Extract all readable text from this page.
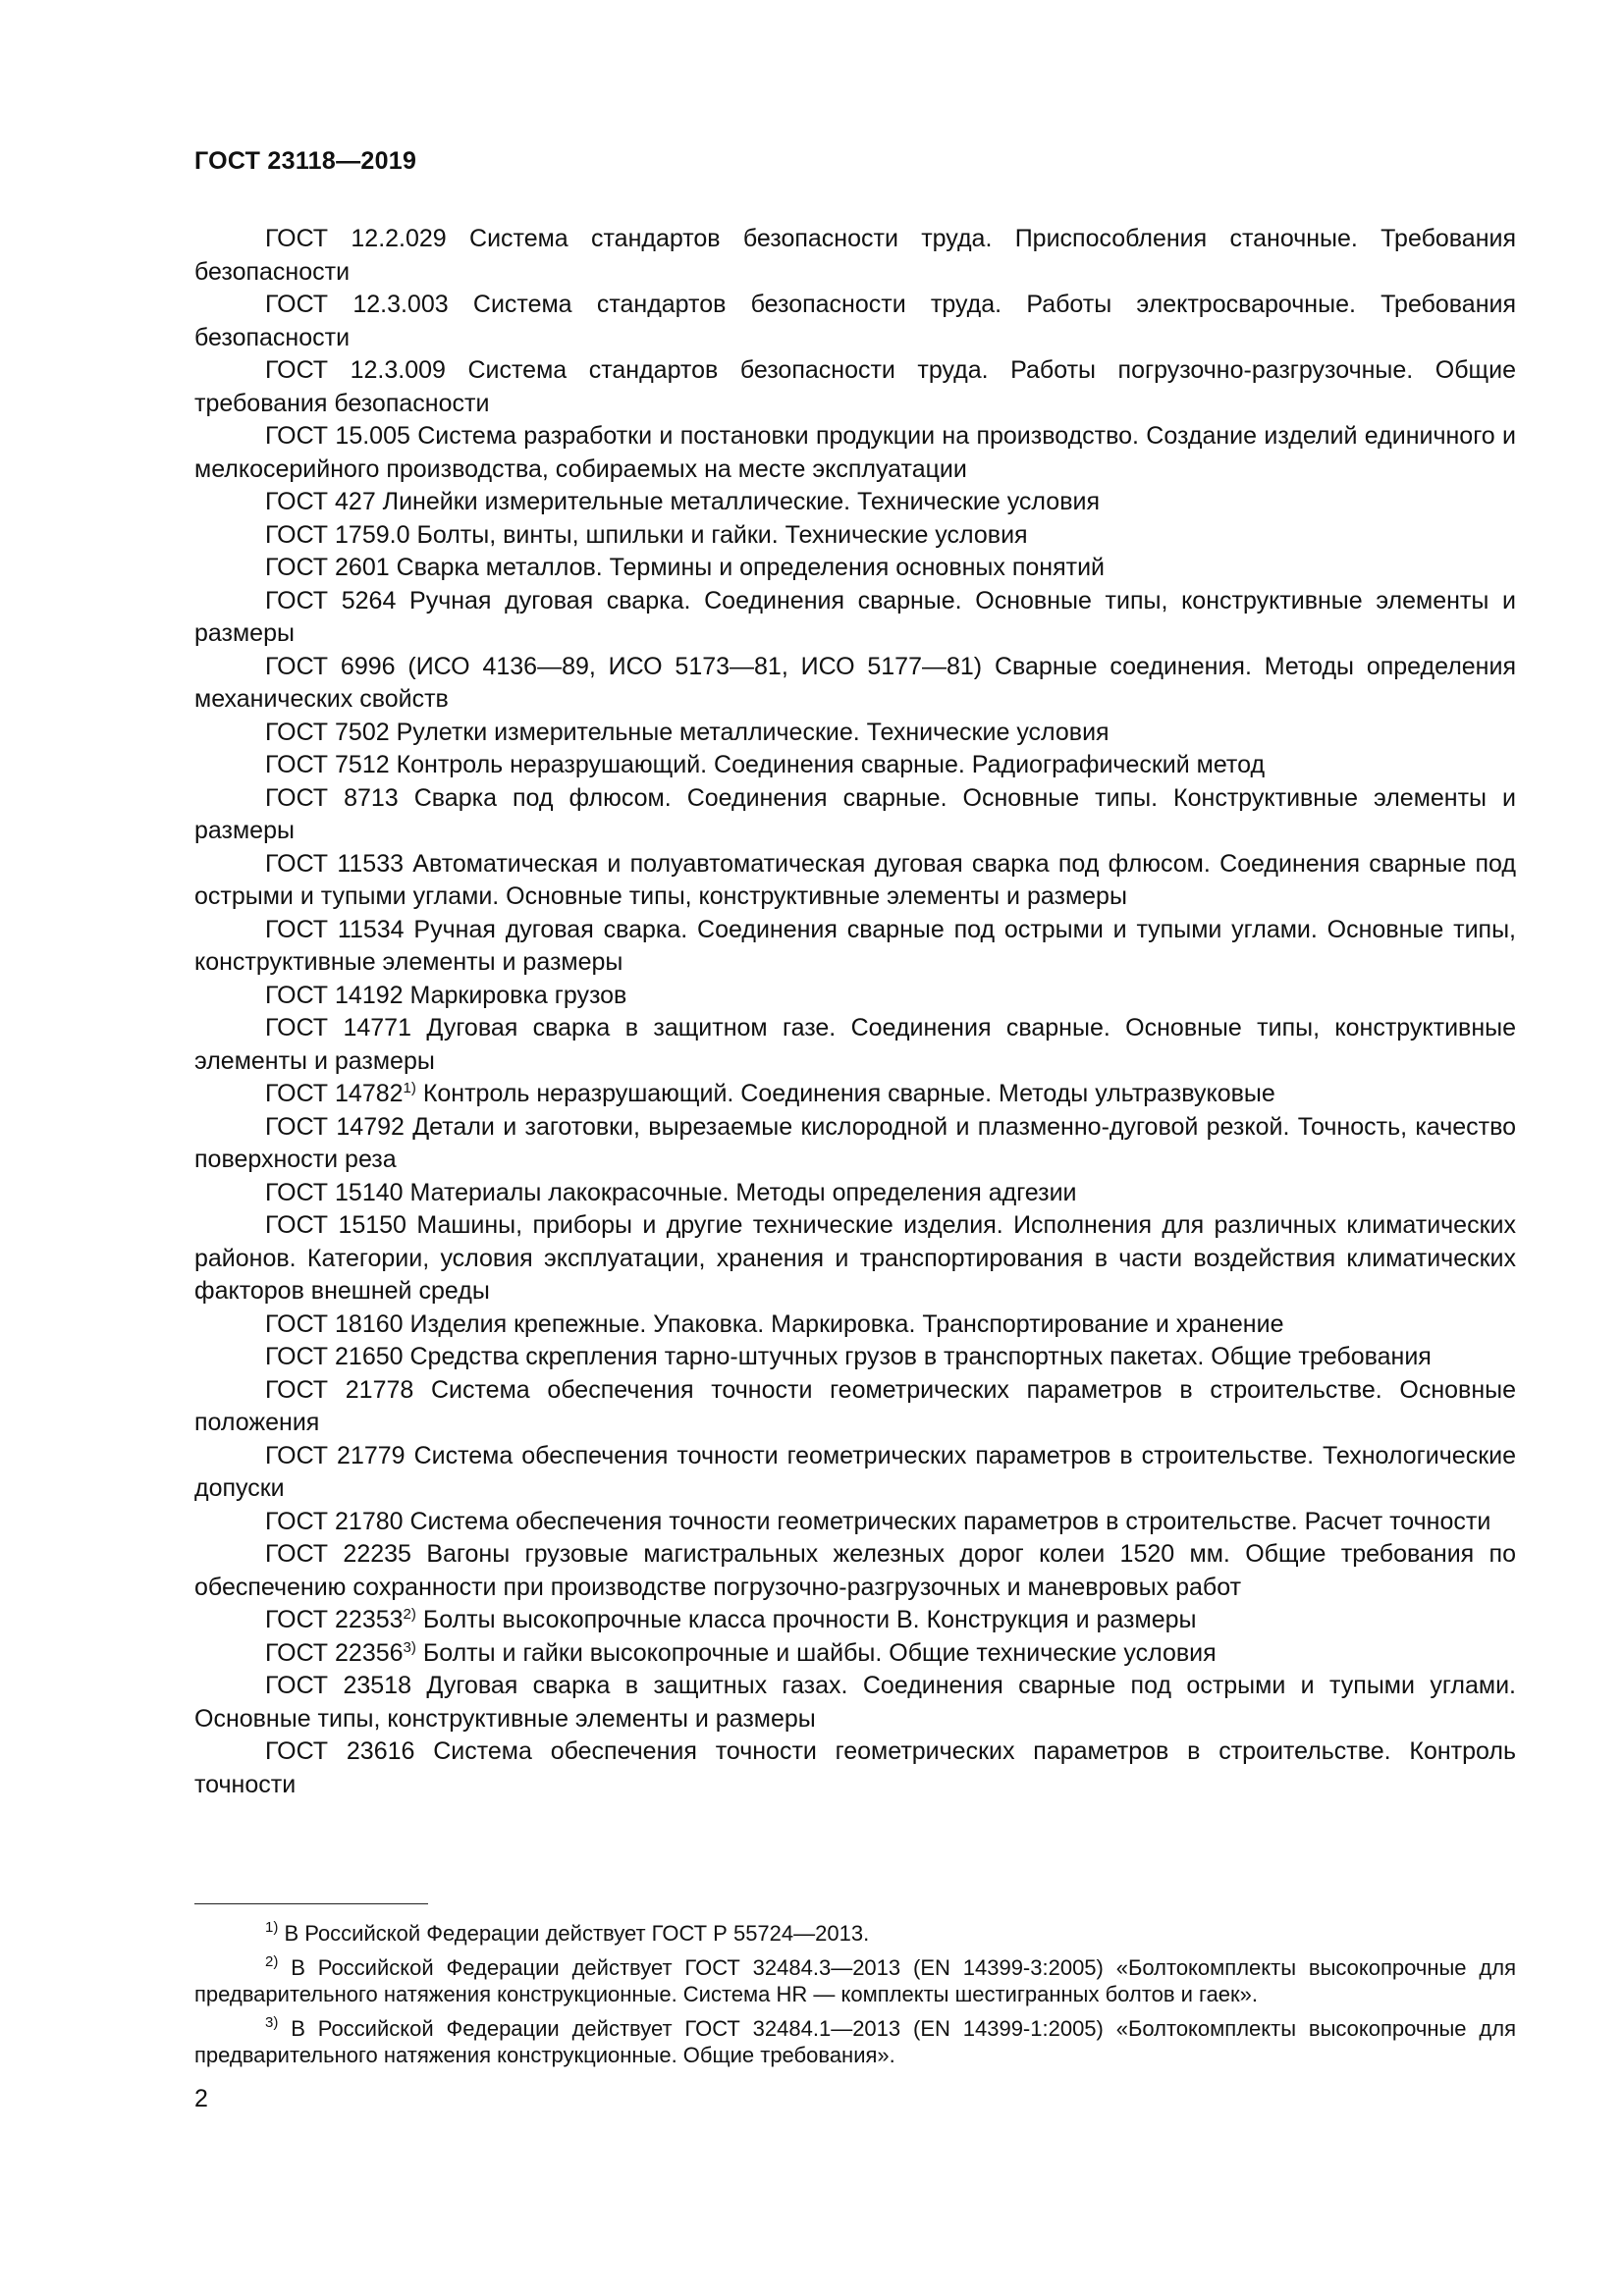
ГОСТ 23118—2019

ГОСТ 12.2.029 Система стандартов безопасности труда. Приспособления станочные. Требования безопасности

ГОСТ 12.3.003 Система стандартов безопасности труда. Работы электросварочные. Требования безопасности

ГОСТ 12.3.009 Система стандартов безопасности труда. Работы погрузочно-разгрузочные. Общие требования безопасности

ГОСТ 15.005 Система разработки и постановки продукции на производство. Создание изделий единичного и мелкосерийного производства, собираемых на месте эксплуатации

ГОСТ 427 Линейки измерительные металлические. Технические условия

ГОСТ 1759.0 Болты, винты, шпильки и гайки. Технические условия

ГОСТ 2601 Сварка металлов. Термины и определения основных понятий

ГОСТ 5264 Ручная дуговая сварка. Соединения сварные. Основные типы, конструктивные элементы и размеры

ГОСТ 6996 (ИСО 4136—89, ИСО 5173—81, ИСО 5177—81) Сварные соединения. Методы определения механических свойств

ГОСТ 7502 Рулетки измерительные металлические. Технические условия

ГОСТ 7512 Контроль неразрушающий. Соединения сварные. Радиографический метод

ГОСТ 8713 Сварка под флюсом. Соединения сварные. Основные типы. Конструктивные элементы и размеры

ГОСТ 11533 Автоматическая и полуавтоматическая дуговая сварка под флюсом. Соединения сварные под острыми и тупыми углами. Основные типы, конструктивные элементы и размеры

ГОСТ 11534 Ручная дуговая сварка. Соединения сварные под острыми и тупыми углами. Основные типы, конструктивные элементы и размеры

ГОСТ 14192 Маркировка грузов

ГОСТ 14771 Дуговая сварка в защитном газе. Соединения сварные. Основные типы, конструктивные элементы и размеры

ГОСТ 14782$^{1)}$ Контроль неразрушающий. Соединения сварные. Методы ультразвуковые

ГОСТ 14792 Детали и заготовки, вырезаемые кислородной и плазменно-дуговой резкой. Точность, качество поверхности реза

ГОСТ 15140 Материалы лакокрасочные. Методы определения адгезии

ГОСТ 15150 Машины, приборы и другие технические изделия. Исполнения для различных климатических районов. Категории, условия эксплуатации, хранения и транспортирования в части воздействия климатических факторов внешней среды

ГОСТ 18160 Изделия крепежные. Упаковка. Маркировка. Транспортирование и хранение

ГОСТ 21650 Средства скрепления тарно-штучных грузов в транспортных пакетах. Общие требования

ГОСТ 21778 Система обеспечения точности геометрических параметров в строительстве. Основные положения

ГОСТ 21779 Система обеспечения точности геометрических параметров в строительстве. Технологические допуски

ГОСТ 21780 Система обеспечения точности геометрических параметров в строительстве. Расчет точности

ГОСТ 22235 Вагоны грузовые магистральных железных дорог колеи 1520 мм. Общие требования по обеспечению сохранности при производстве погрузочно-разгрузочных и маневровых работ

ГОСТ 22353$^{2)}$ Болты высокопрочные класса прочности В. Конструкция и размеры

ГОСТ 22356$^{3)}$ Болты и гайки высокопрочные и шайбы. Общие технические условия

ГОСТ 23518 Дуговая сварка в защитных газах. Соединения сварные под острыми и тупыми углами. Основные типы, конструктивные элементы и размеры

ГОСТ 23616 Система обеспечения точности геометрических параметров в строительстве. Контроль точности

$^{1)}$ В Российской Федерации действует ГОСТ Р 55724—2013.

$^{2)}$ В Российской Федерации действует ГОСТ 32484.3—2013 (EN 14399-3:2005) «Болтокомплекты высокопрочные для предварительного натяжения конструкционные. Система HR — комплекты шестигранных болтов и гаек».

$^{3)}$ В Российской Федерации действует ГОСТ 32484.1—2013 (EN 14399-1:2005) «Болтокомплекты высокопрочные для предварительного натяжения конструкционные. Общие требования».

2
